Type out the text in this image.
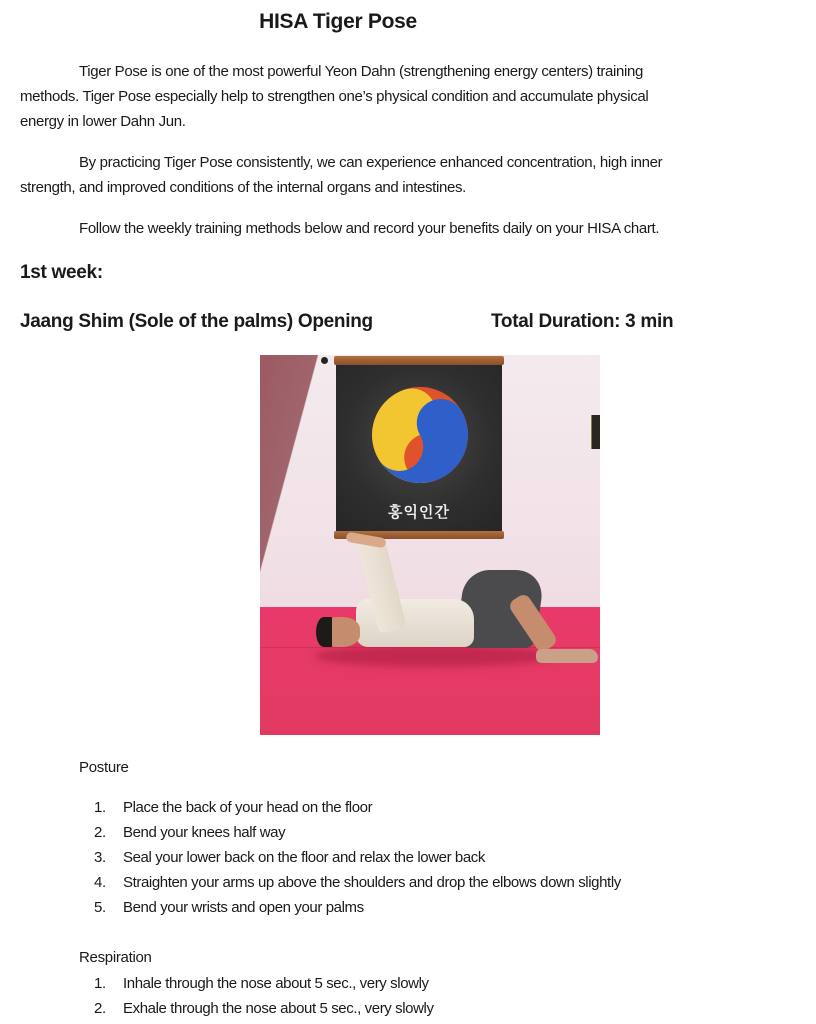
HISA Tiger Pose
Tiger Pose is one of the most powerful Yeon Dahn (strengthening energy centers) training
methods. Tiger Pose especially help to strengthen one’s physical condition and accumulate physical
energy in lower Dahn Jun.
By practicing Tiger Pose consistently, we can experience enhanced concentration, high inner
strength, and improved conditions of the internal organs and intestines.
Follow the weekly training methods below and record your benefits daily on your HISA chart.
1st week:
Jaang Shim (Sole of the palms) Opening	Total Duration: 3 min
홍익인간
Posture
1. Place the back of your head on the floor
2. Bend your knees half way
3. Seal your lower back on the floor and relax the lower back
4. Straighten your arms up above the shoulders and drop the elbows down slightly
5. Bend your wrists and open your palms
Respiration
1. Inhale through the nose about 5 sec., very slowly
2. Exhale through the nose about 5 sec., very slowly
